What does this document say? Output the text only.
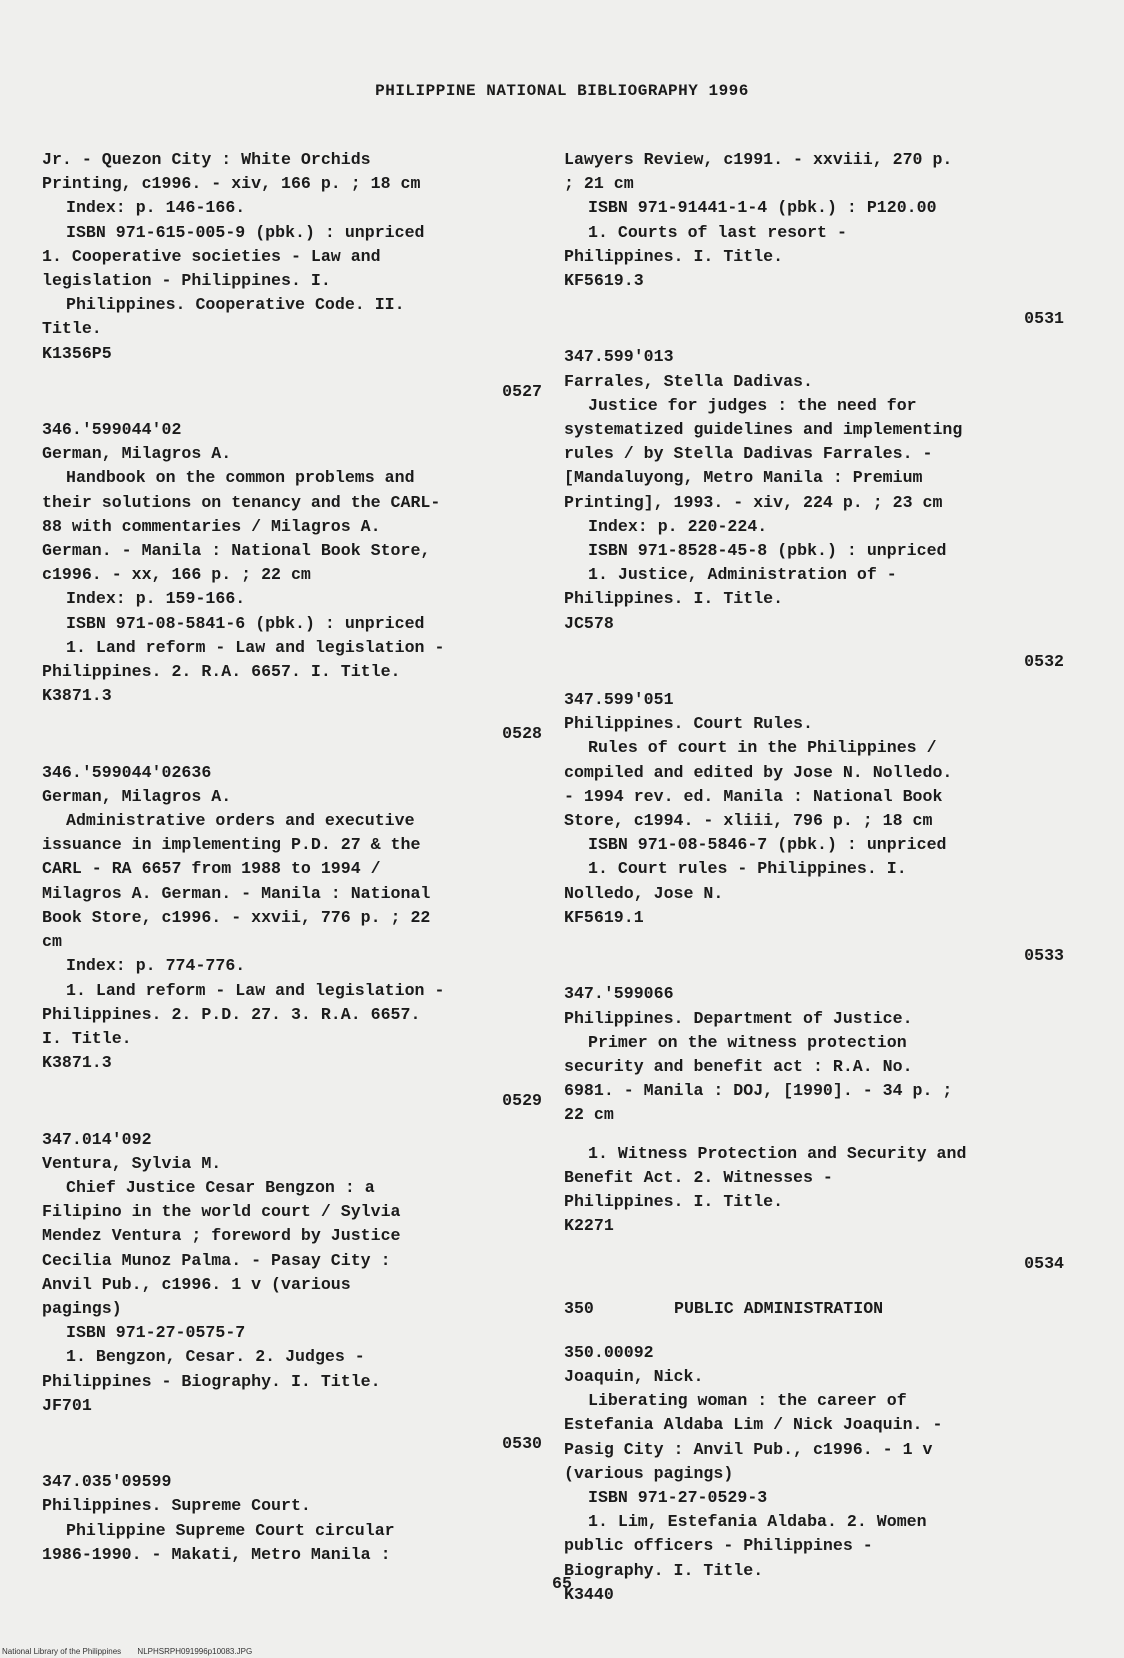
PHILIPPINE NATIONAL BIBLIOGRAPHY 1996
Jr. - Quezon City : White Orchids
Printing, c1996. - xiv, 166 p. ; 18 cm
Index: p. 146-166.
ISBN 971-615-005-9 (pbk.) : unpriced
1. Cooperative societies - Law and
legislation - Philippines. I.
Philippines. Cooperative Code. II.
Title.
K1356P5
0527
346.'599044'02
German, Milagros A.
Handbook on the common problems and
their solutions on tenancy and the CARL-
88 with commentaries / Milagros A.
German. - Manila : National Book Store,
c1996. - xx, 166 p. ; 22 cm
Index: p. 159-166.
ISBN 971-08-5841-6 (pbk.) : unpriced
1. Land reform - Law and legislation -
Philippines. 2. R.A. 6657. I. Title.
K3871.3
0528
346.'599044'02636
German, Milagros A.
Administrative orders and executive
issuance in implementing P.D. 27 & the
CARL - RA 6657 from 1988 to 1994 /
Milagros A. German. - Manila : National
Book Store, c1996. - xxvii, 776 p. ; 22
cm
Index: p. 774-776.
1. Land reform - Law and legislation -
Philippines. 2. P.D. 27. 3. R.A. 6657.
I. Title.
K3871.3
0529
347.014'092
Ventura, Sylvia M.
Chief Justice Cesar Bengzon : a
Filipino in the world court / Sylvia
Mendez Ventura ; foreword by Justice
Cecilia Munoz Palma. - Pasay City :
Anvil Pub., c1996. 1 v (various
pagings)
ISBN 971-27-0575-7
1. Bengzon, Cesar. 2. Judges -
Philippines - Biography. I. Title.
JF701
0530
347.035'09599
Philippines. Supreme Court.
Philippine Supreme Court circular
1986-1990. - Makati, Metro Manila :
Lawyers Review, c1991. - xxviii, 270 p.
; 21 cm
ISBN 971-91441-1-4 (pbk.) : P120.00
1. Courts of last resort -
Philippines. I. Title.
KF5619.3
0531
347.599'013
Farrales, Stella Dadivas.
Justice for judges : the need for
systematized guidelines and implementing
rules / by Stella Dadivas Farrales. -
[Mandaluyong, Metro Manila : Premium
Printing], 1993. - xiv, 224 p. ; 23 cm
Index: p. 220-224.
ISBN 971-8528-45-8 (pbk.) : unpriced
1. Justice, Administration of -
Philippines. I. Title.
JC578
0532
347.599'051
Philippines. Court Rules.
Rules of court in the Philippines /
compiled and edited by Jose N. Nolledo.
- 1994 rev. ed. Manila : National Book
Store, c1994. - xliii, 796 p. ; 18 cm
ISBN 971-08-5846-7 (pbk.) : unpriced
1. Court rules - Philippines. I.
Nolledo, Jose N.
KF5619.1
0533
347.'599066
Philippines. Department of Justice.
Primer on the witness protection
security and benefit act : R.A. No.
6981. - Manila : DOJ, [1990]. - 34 p. ;
22 cm
1. Witness Protection and Security and
Benefit Act. 2. Witnesses -
Philippines. I. Title.
K2271
0534
350	PUBLIC ADMINISTRATION
350.00092
Joaquin, Nick.
Liberating woman : the career of
Estefania Aldaba Lim / Nick Joaquin. -
Pasig City : Anvil Pub., c1996. - 1 v
(various pagings)
ISBN 971-27-0529-3
1. Lim, Estefania Aldaba. 2. Women
public officers - Philippines -
Biography. I. Title.
K3440
65
National Library of the Philippines NLPHSRPH091996p10083.JPG
